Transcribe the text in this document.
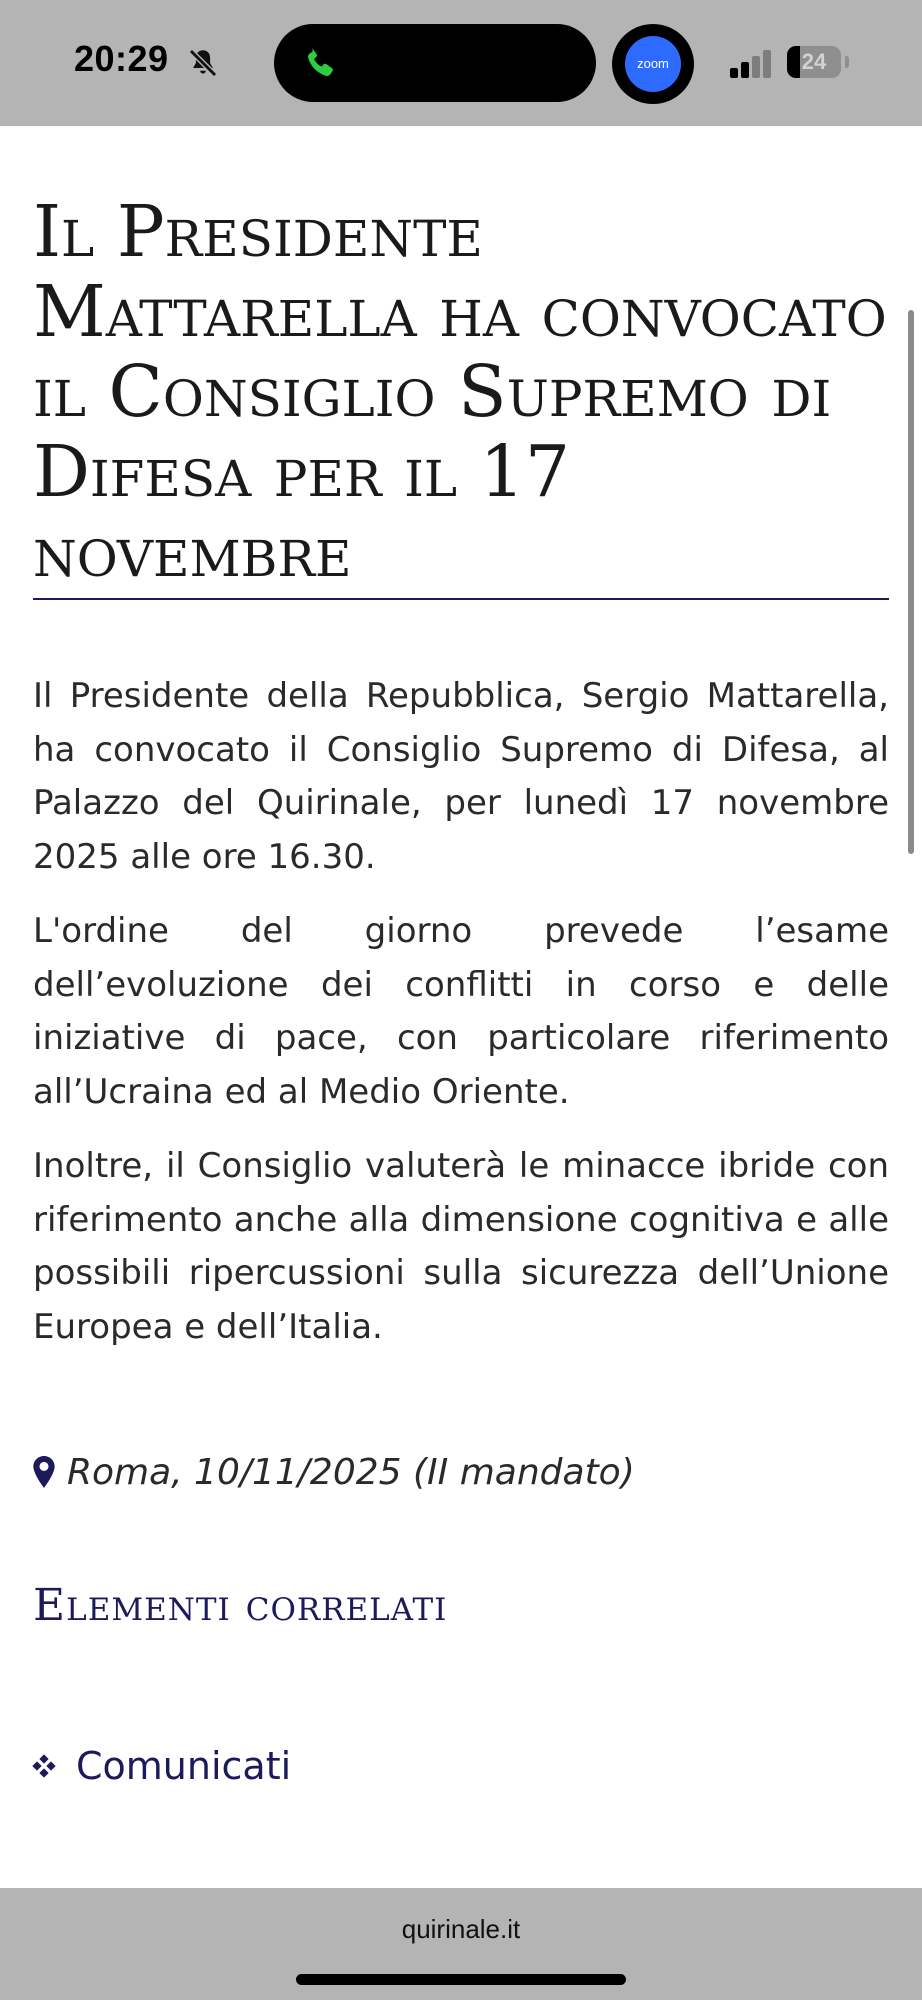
20:29	zoom	24
Il Presidente Mattarella ha convocato il Consiglio Supremo di Difesa per il 17 novembre

Il Presidente della Repubblica, Sergio Mattarella, ha convocato il Consiglio Supremo di Difesa, al Palazzo del Quirinale, per lunedì 17 novembre 2025 alle ore 16.30.

L'ordine del giorno prevede l’esame dell’evoluzione dei conflitti in corso e delle iniziative di pace, con particolare riferimento all’Ucraina ed al Medio Oriente.

Inoltre, il Consiglio valuterà le minacce ibride con riferimento anche alla dimensione cognitiva e alle possibili ripercussioni sulla sicurezza dell’Unione Europea e dell’Italia.

Roma, 10/11/2025 (II mandato)
Elementi correlati
Comunicati
quirinale.it
